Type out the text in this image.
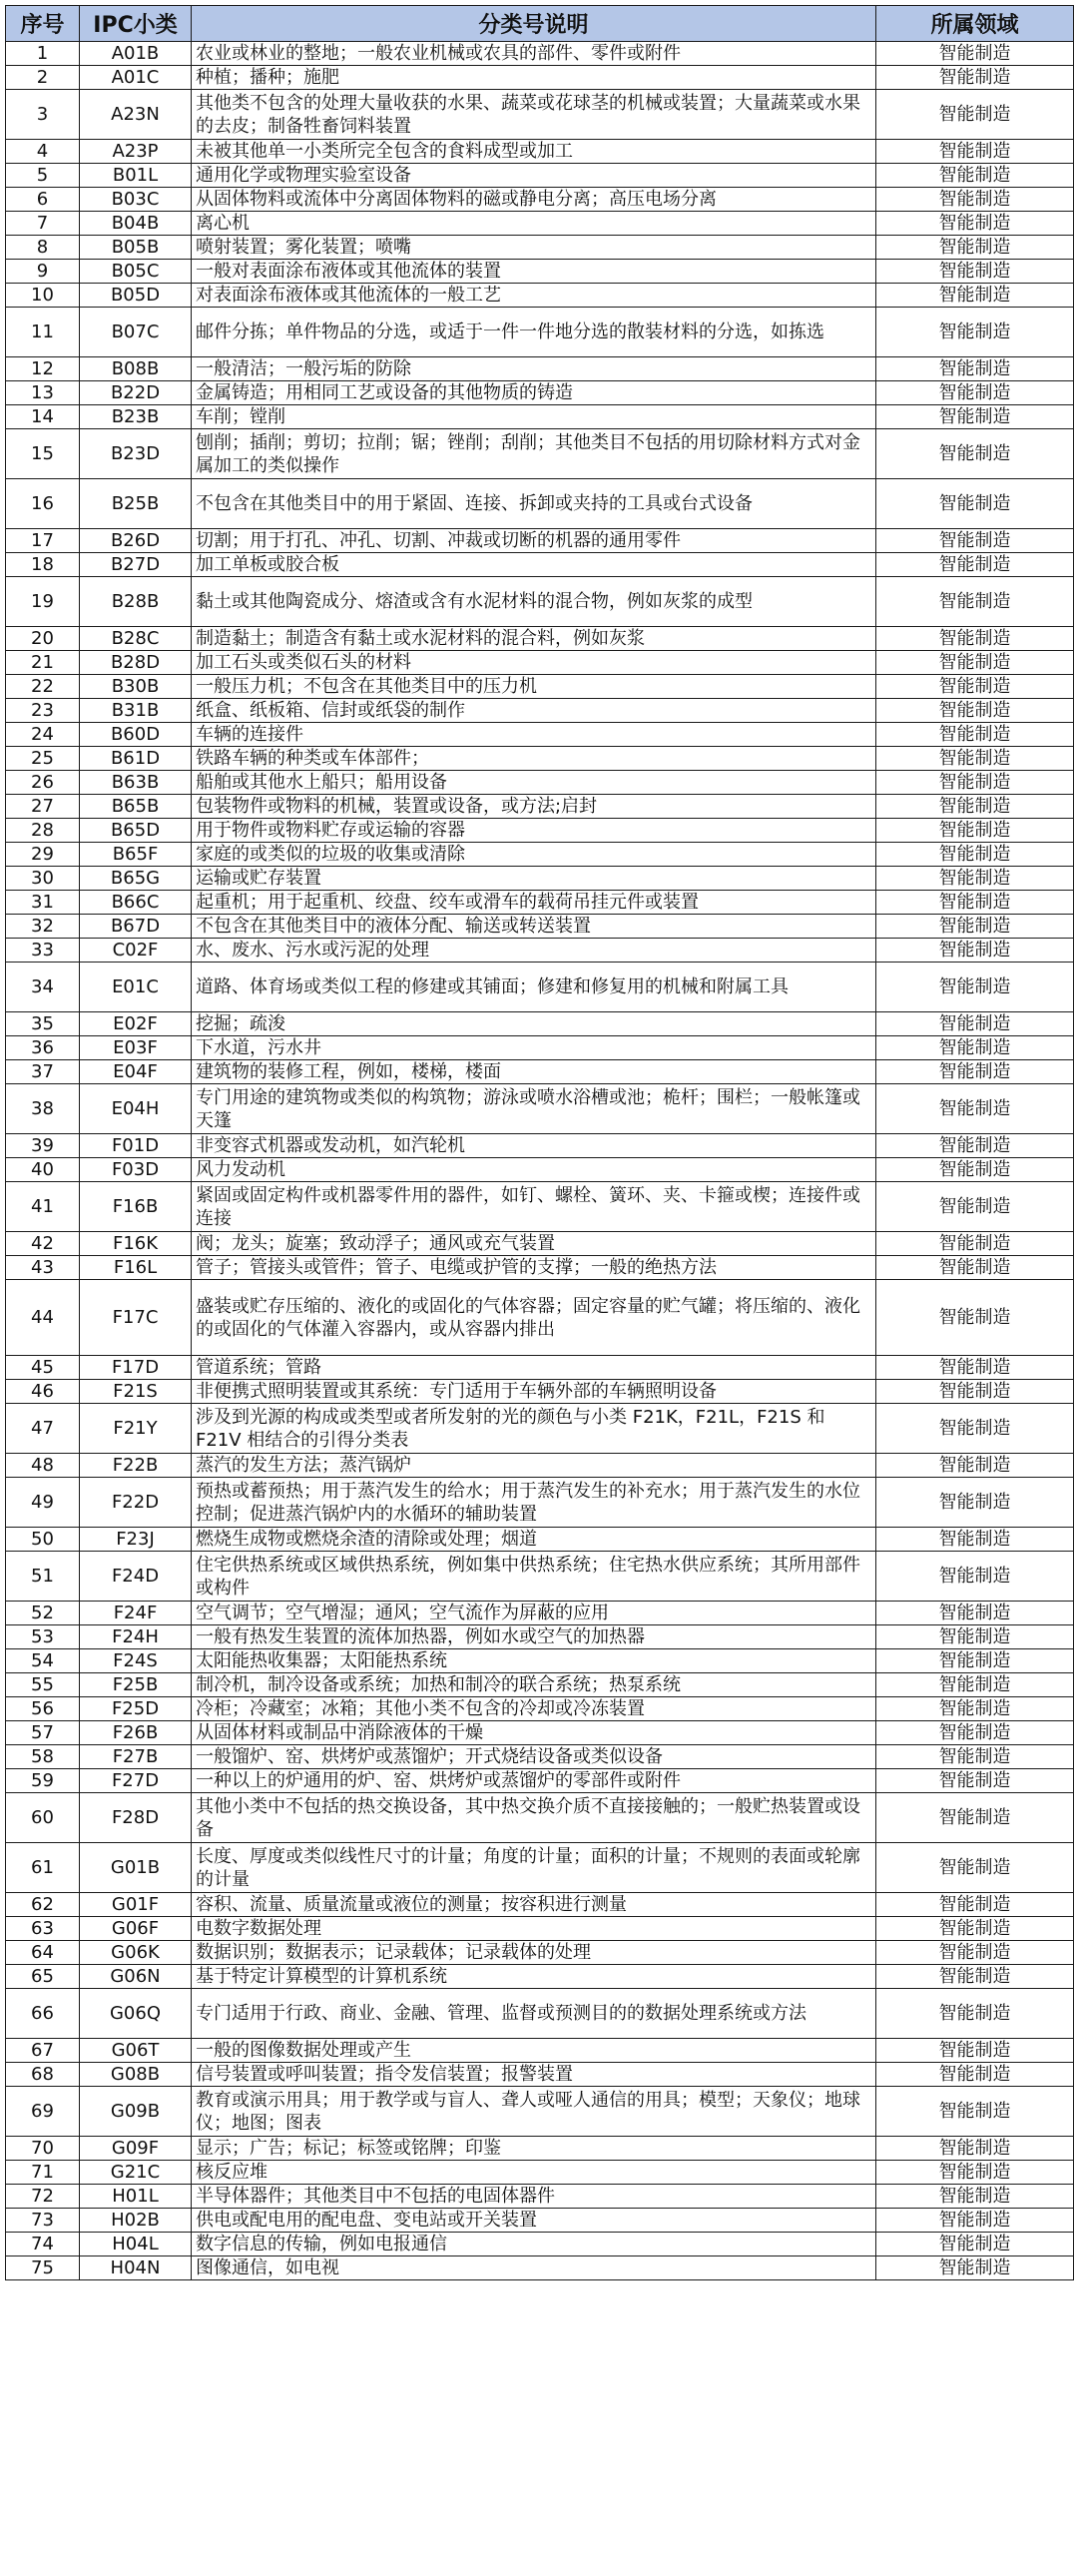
序号	IPC小类	分类号说明	所属领域
1	A01B	农业或林业的整地；一般农业机械或农具的部件、零件或附件	智能制造
2	A01C	种植；播种；施肥	智能制造
3	A23N	其他类不包含的处理大量收获的水果、蔬菜或花球茎的机械或装置；大量蔬菜或水果的去皮；制备牲畜饲料装置	智能制造
4	A23P	未被其他单一小类所完全包含的食料成型或加工	智能制造
5	B01L	通用化学或物理实验室设备	智能制造
6	B03C	从固体物料或流体中分离固体物料的磁或静电分离；高压电场分离	智能制造
7	B04B	离心机	智能制造
8	B05B	喷射装置；雾化装置；喷嘴	智能制造
9	B05C	一般对表面涂布液体或其他流体的装置	智能制造
10	B05D	对表面涂布液体或其他流体的一般工艺	智能制造
11	B07C	邮件分拣；单件物品的分选，或适于一件一件地分选的散装材料的分选，如拣选	智能制造
12	B08B	一般清洁；一般污垢的防除	智能制造
13	B22D	金属铸造；用相同工艺或设备的其他物质的铸造	智能制造
14	B23B	车削；镗削	智能制造
15	B23D	刨削；插削；剪切；拉削；锯；锉削；刮削；其他类目不包括的用切除材料方式对金属加工的类似操作	智能制造
16	B25B	不包含在其他类目中的用于紧固、连接、拆卸或夹持的工具或台式设备	智能制造
17	B26D	切割；用于打孔、冲孔、切割、冲裁或切断的机器的通用零件	智能制造
18	B27D	加工单板或胶合板	智能制造
19	B28B	黏土或其他陶瓷成分、熔渣或含有水泥材料的混合物，例如灰浆的成型	智能制造
20	B28C	制造黏土；制造含有黏土或水泥材料的混合料，例如灰浆	智能制造
21	B28D	加工石头或类似石头的材料	智能制造
22	B30B	一般压力机；不包含在其他类目中的压力机	智能制造
23	B31B	纸盒、纸板箱、信封或纸袋的制作	智能制造
24	B60D	车辆的连接件	智能制造
25	B61D	铁路车辆的种类或车体部件；	智能制造
26	B63B	船舶或其他水上船只；船用设备	智能制造
27	B65B	包装物件或物料的机械，装置或设备，或方法;启封	智能制造
28	B65D	用于物件或物料贮存或运输的容器	智能制造
29	B65F	家庭的或类似的垃圾的收集或清除	智能制造
30	B65G	运输或贮存装置	智能制造
31	B66C	起重机；用于起重机、绞盘、绞车或滑车的载荷吊挂元件或装置	智能制造
32	B67D	不包含在其他类目中的液体分配、输送或转送装置	智能制造
33	C02F	水、废水、污水或污泥的处理	智能制造
34	E01C	道路、体育场或类似工程的修建或其铺面；修建和修复用的机械和附属工具	智能制造
35	E02F	挖掘；疏浚	智能制造
36	E03F	下水道，污水井	智能制造
37	E04F	建筑物的装修工程，例如，楼梯，楼面	智能制造
38	E04H	专门用途的建筑物或类似的构筑物；游泳或喷水浴槽或池；桅杆；围栏；一般帐篷或天篷	智能制造
39	F01D	非变容式机器或发动机，如汽轮机	智能制造
40	F03D	风力发动机	智能制造
41	F16B	紧固或固定构件或机器零件用的器件，如钉、螺栓、簧环、夹、卡箍或楔；连接件或连接	智能制造
42	F16K	阀；龙头；旋塞；致动浮子；通风或充气装置	智能制造
43	F16L	管子；管接头或管件；管子、电缆或护管的支撑；一般的绝热方法	智能制造
44	F17C	盛装或贮存压缩的、液化的或固化的气体容器；固定容量的贮气罐；将压缩的、液化的或固化的气体灌入容器内，或从容器内排出	智能制造
45	F17D	管道系统；管路	智能制造
46	F21S	非便携式照明装置或其系统：专门适用于车辆外部的车辆照明设备	智能制造
47	F21Y	涉及到光源的构成或类型或者所发射的光的颜色与小类 F21K，F21L，F21S 和 F21V 相结合的引得分类表	智能制造
48	F22B	蒸汽的发生方法；蒸汽锅炉	智能制造
49	F22D	预热或蓄预热；用于蒸汽发生的给水；用于蒸汽发生的补充水；用于蒸汽发生的水位控制；促进蒸汽锅炉内的水循环的辅助装置	智能制造
50	F23J	燃烧生成物或燃烧余渣的清除或处理；烟道	智能制造
51	F24D	住宅供热系统或区域供热系统，例如集中供热系统；住宅热水供应系统；其所用部件或构件	智能制造
52	F24F	空气调节；空气增湿；通风；空气流作为屏蔽的应用	智能制造
53	F24H	一般有热发生装置的流体加热器，例如水或空气的加热器	智能制造
54	F24S	太阳能热收集器；太阳能热系统	智能制造
55	F25B	制冷机，制冷设备或系统；加热和制冷的联合系统；热泵系统	智能制造
56	F25D	冷柜；冷藏室；冰箱；其他小类不包含的冷却或冷冻装置	智能制造
57	F26B	从固体材料或制品中消除液体的干燥	智能制造
58	F27B	一般馏炉、窑、烘烤炉或蒸馏炉；开式烧结设备或类似设备	智能制造
59	F27D	一种以上的炉通用的炉、窑、烘烤炉或蒸馏炉的零部件或附件	智能制造
60	F28D	其他小类中不包括的热交换设备，其中热交换介质不直接接触的；一般贮热装置或设备	智能制造
61	G01B	长度、厚度或类似线性尺寸的计量；角度的计量；面积的计量；不规则的表面或轮廓的计量	智能制造
62	G01F	容积、流量、质量流量或液位的测量；按容积进行测量	智能制造
63	G06F	电数字数据处理	智能制造
64	G06K	数据识别；数据表示；记录载体；记录载体的处理	智能制造
65	G06N	基于特定计算模型的计算机系统	智能制造
66	G06Q	专门适用于行政、商业、金融、管理、监督或预测目的的数据处理系统或方法	智能制造
67	G06T	一般的图像数据处理或产生	智能制造
68	G08B	信号装置或呼叫装置；指令发信装置；报警装置	智能制造
69	G09B	教育或演示用具；用于教学或与盲人、聋人或哑人通信的用具；模型；天象仪；地球仪；地图；图表	智能制造
70	G09F	显示；广告；标记；标签或铭牌；印鉴	智能制造
71	G21C	核反应堆	智能制造
72	H01L	半导体器件；其他类目中不包括的电固体器件	智能制造
73	H02B	供电或配电用的配电盘、变电站或开关装置	智能制造
74	H04L	数字信息的传输，例如电报通信	智能制造
75	H04N	图像通信，如电视	智能制造
